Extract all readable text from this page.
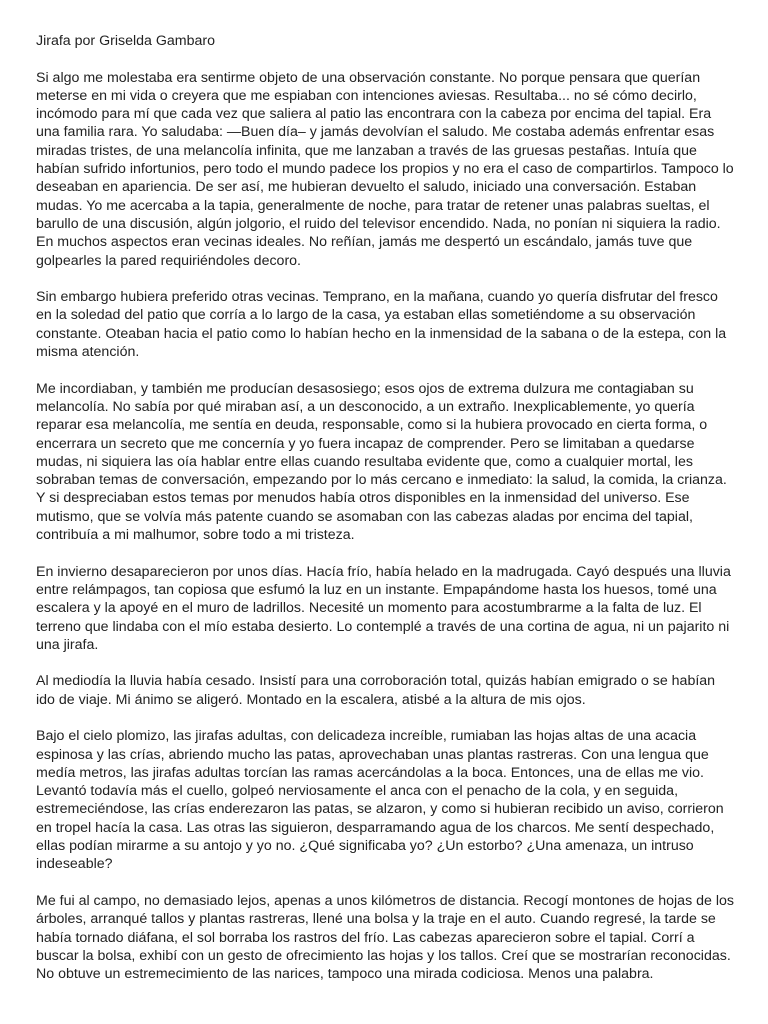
Jirafa por Griselda Gambaro

Si algo me molestaba era sentirme objeto de una observación constante. No porque pensara que querían meterse en mi vida o creyera que me espiaban con intenciones aviesas. Resultaba... no sé cómo decirlo, incómodo para mí que cada vez que saliera al patio las encontrara con la cabeza por encima del tapial. Era una familia rara. Yo saludaba: —Buen día– y jamás devolvían el saludo. Me costaba además enfrentar esas miradas tristes, de una melancolía infinita, que me lanzaban a través de las gruesas pestañas. Intuía que habían sufrido infortunios, pero todo el mundo padece los propios y no era el caso de compartirlos. Tampoco lo deseaban en apariencia. De ser así, me hubieran devuelto el saludo, iniciado una conversación. Estaban mudas. Yo me acercaba a la tapia, generalmente de noche, para tratar de retener unas palabras sueltas, el barullo de una discusión, algún jolgorio, el ruido del televisor encendido. Nada, no ponían ni siquiera la radio. En muchos aspectos eran vecinas ideales. No reñían, jamás me despertó un escándalo, jamás tuve que golpearles la pared requiriéndoles decoro.

Sin embargo hubiera preferido otras vecinas. Temprano, en la mañana, cuando yo quería disfrutar del fresco en la soledad del patio que corría a lo largo de la casa, ya estaban ellas sometiéndome a su observación constante. Oteaban hacia el patio como lo habían hecho en la inmensidad de la sabana o de la estepa, con la misma atención.

Me incordiaban, y también me producían desasosiego; esos ojos de extrema dulzura me contagiaban su melancolía. No sabía por qué miraban así, a un desconocido, a un extraño. Inexplicablemente, yo quería reparar esa melancolía, me sentía en deuda, responsable, como si la hubiera provocado en cierta forma, o encerrara un secreto que me concernía y yo fuera incapaz de comprender. Pero se limitaban a quedarse mudas, ni siquiera las oía hablar entre ellas cuando resultaba evidente que, como a cualquier mortal, les sobraban temas de conversación, empezando por lo más cercano e inmediato: la salud, la comida, la crianza. Y si despreciaban estos temas por menudos había otros disponibles en la inmensidad del universo. Ese mutismo, que se volvía más patente cuando se asomaban con las cabezas aladas por encima del tapial, contribuía a mi malhumor, sobre todo a mi tristeza.

En invierno desaparecieron por unos días. Hacía frío, había helado en la madrugada. Cayó después una lluvia entre relámpagos, tan copiosa que esfumó la luz en un instante. Empapándome hasta los huesos, tomé una escalera y la apoyé en el muro de ladrillos. Necesité un momento para acostumbrarme a la falta de luz. El terreno que lindaba con el mío estaba desierto. Lo contemplé a través de una cortina de agua, ni un pajarito ni una jirafa.

Al mediodía la lluvia había cesado. Insistí para una corroboración total, quizás habían emigrado o se habían ido de viaje. Mi ánimo se aligeró. Montado en la escalera, atisbé a la altura de mis ojos.

Bajo el cielo plomizo, las jirafas adultas, con delicadeza increíble, rumiaban las hojas altas de una acacia espinosa y las crías, abriendo mucho las patas, aprovechaban unas plantas rastreras. Con una lengua que medía metros, las jirafas adultas torcían las ramas acercándolas a la boca. Entonces, una de ellas me vio. Levantó todavía más el cuello, golpeó nerviosamente el anca con el penacho de la cola, y en seguida, estremeciéndose, las crías enderezaron las patas, se alzaron, y como si hubieran recibido un aviso, corrieron en tropel hacía la casa. Las otras las siguieron, desparramando agua de los charcos. Me sentí despechado, ellas podían mirarme a su antojo y yo no. ¿Qué significaba yo? ¿Un estorbo? ¿Una amenaza, un intruso indeseable?

Me fui al campo, no demasiado lejos, apenas a unos kilómetros de distancia. Recogí montones de hojas de los árboles, arranqué tallos y plantas rastreras, llené una bolsa y la traje en el auto. Cuando regresé, la tarde se había tornado diáfana, el sol borraba los rastros del frío. Las cabezas aparecieron sobre el tapial. Corrí a buscar la bolsa, exhibí con un gesto de ofrecimiento las hojas y los tallos. Creí que se mostrarían reconocidas. No obtuve un estremecimiento de las narices, tampoco una mirada codiciosa. Menos una palabra.
